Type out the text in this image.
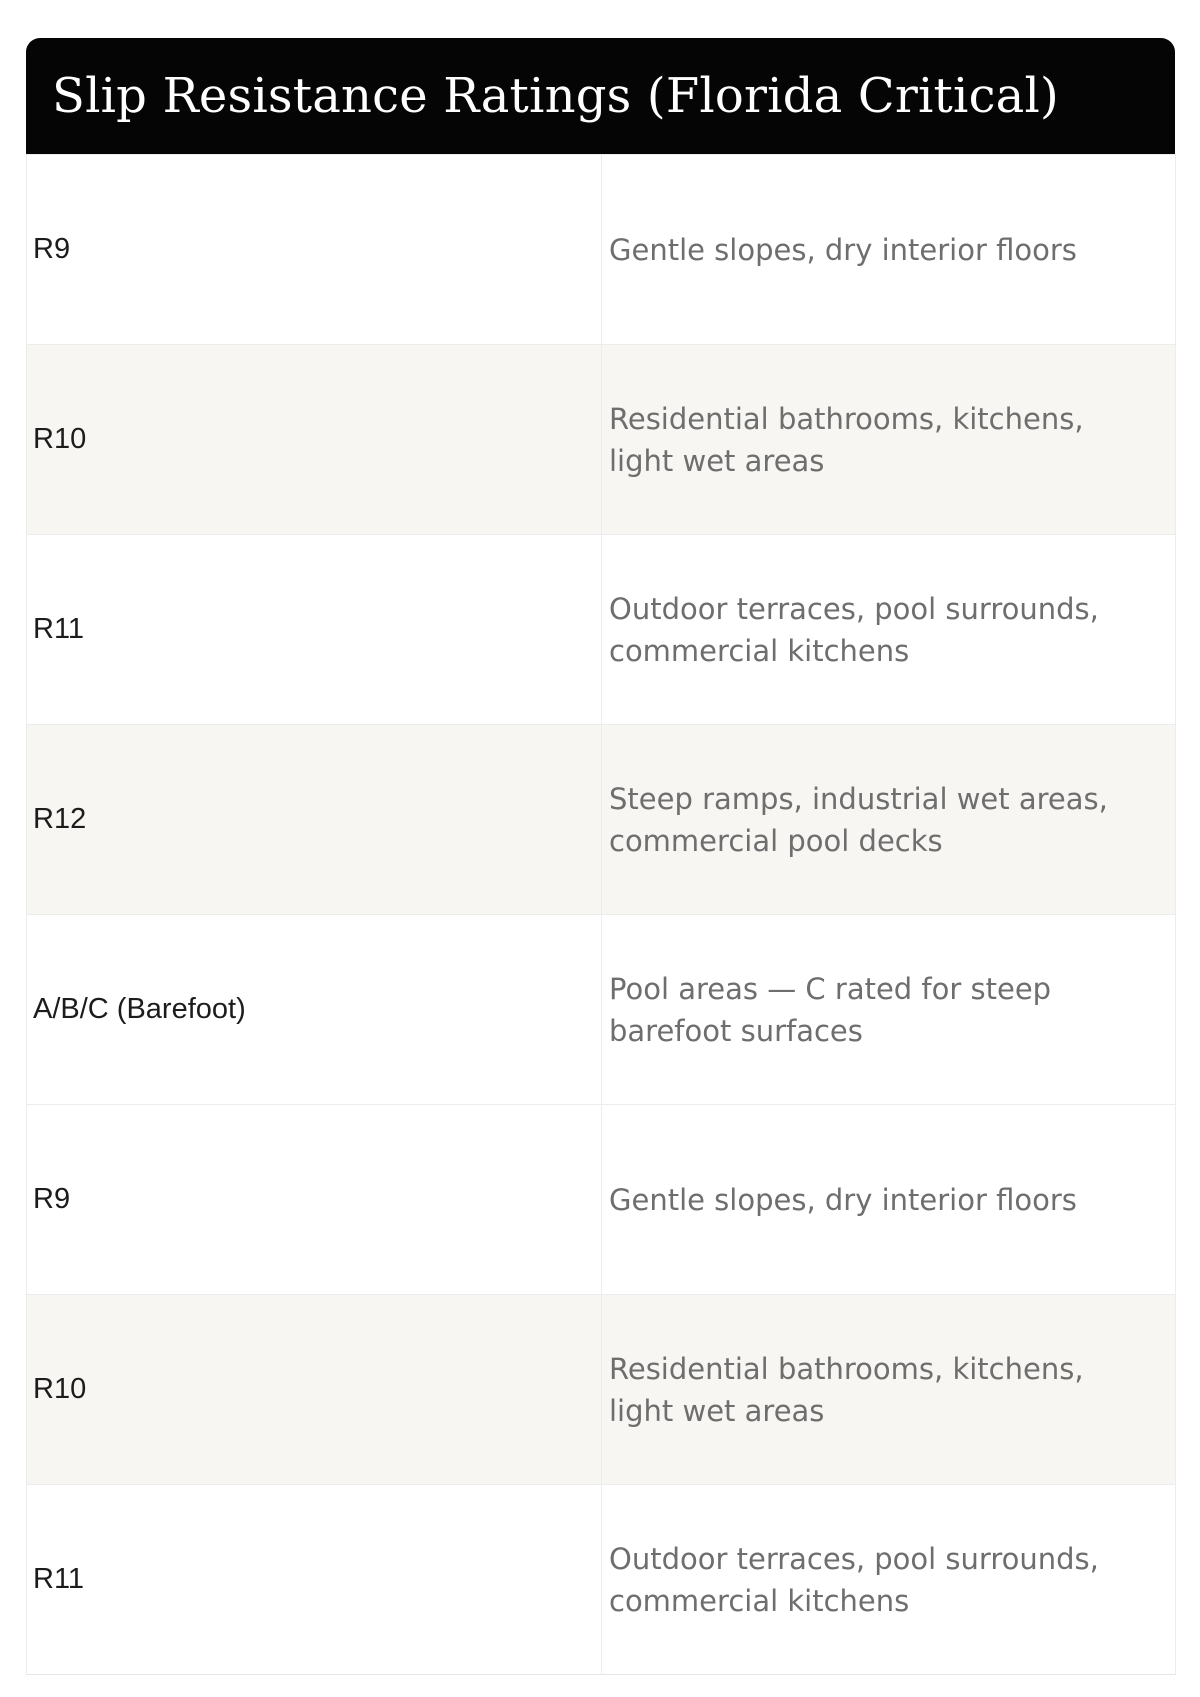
Slip Resistance Ratings (Florida Critical)
R9	Gentle slopes, dry interior floors
R10	Residential bathrooms, kitchens, light wet areas
R11	Outdoor terraces, pool surrounds, commercial kitchens
R12	Steep ramps, industrial wet areas, commercial pool decks
A/B/C (Barefoot)	Pool areas — C rated for steep barefoot surfaces
R9	Gentle slopes, dry interior floors
R10	Residential bathrooms, kitchens, light wet areas
R11	Outdoor terraces, pool surrounds, commercial kitchens
